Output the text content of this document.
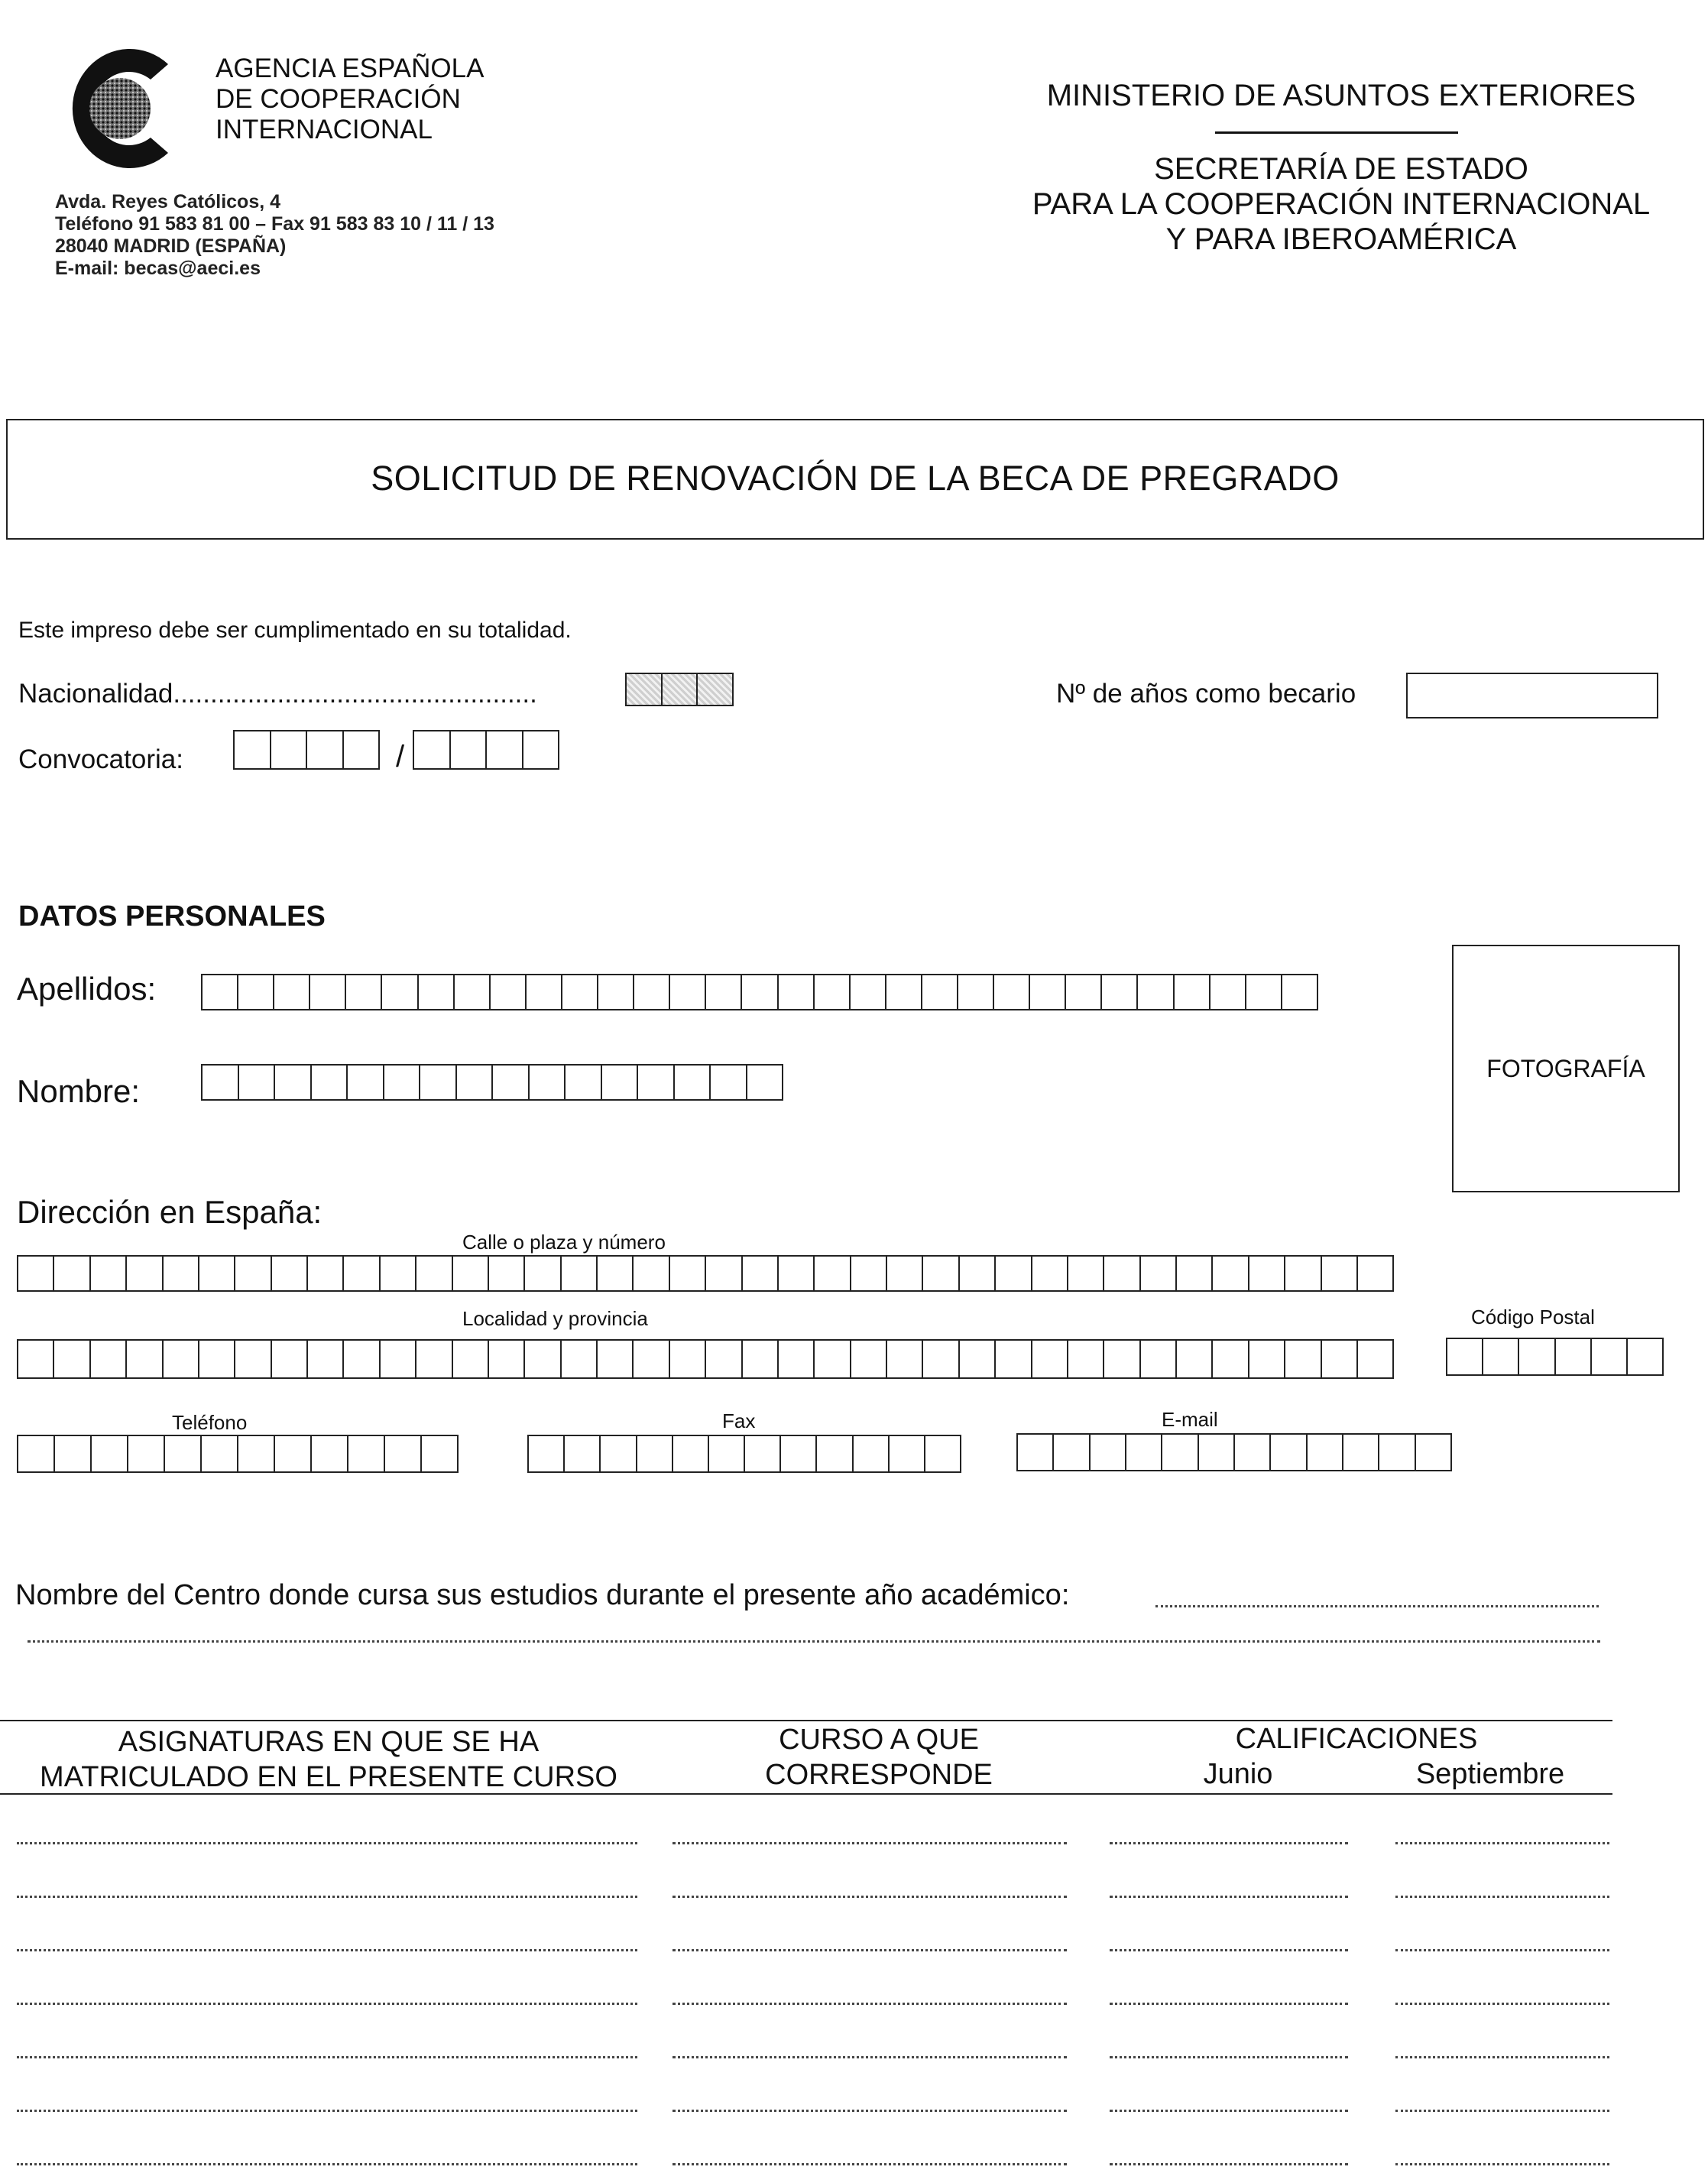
AGENCIA ESPAÑOLA
DE COOPERACIÓN
INTERNACIONAL
Avda. Reyes Católicos, 4
Teléfono 91 583 81 00 – Fax 91 583 83 10 / 11 / 13
28040 MADRID (ESPAÑA)
E-mail: becas@aeci.es
MINISTERIO DE ASUNTOS EXTERIORES
SECRETARÍA DE ESTADO
PARA LA COOPERACIÓN INTERNACIONAL
Y PARA IBEROAMÉRICA
SOLICITUD DE RENOVACIÓN DE LA BECA DE PREGRADO
Este impreso debe ser cumplimentado en su totalidad.
Nacionalidad.................................................	Nº de años como becario
Convocatoria:	/
DATOS PERSONALES
Apellidos:
Nombre:
FOTOGRAFÍA
Dirección en España:
Calle o plaza y número
Localidad y provincia	Código Postal
Teléfono	Fax	E-mail
Nombre del Centro donde cursa sus estudios durante el presente año académico:
ASIGNATURAS EN QUE SE HA
MATRICULADO EN EL PRESENTE CURSO
CURSO A QUE
CORRESPONDE
CALIFICACIONES
Junio	Septiembre
